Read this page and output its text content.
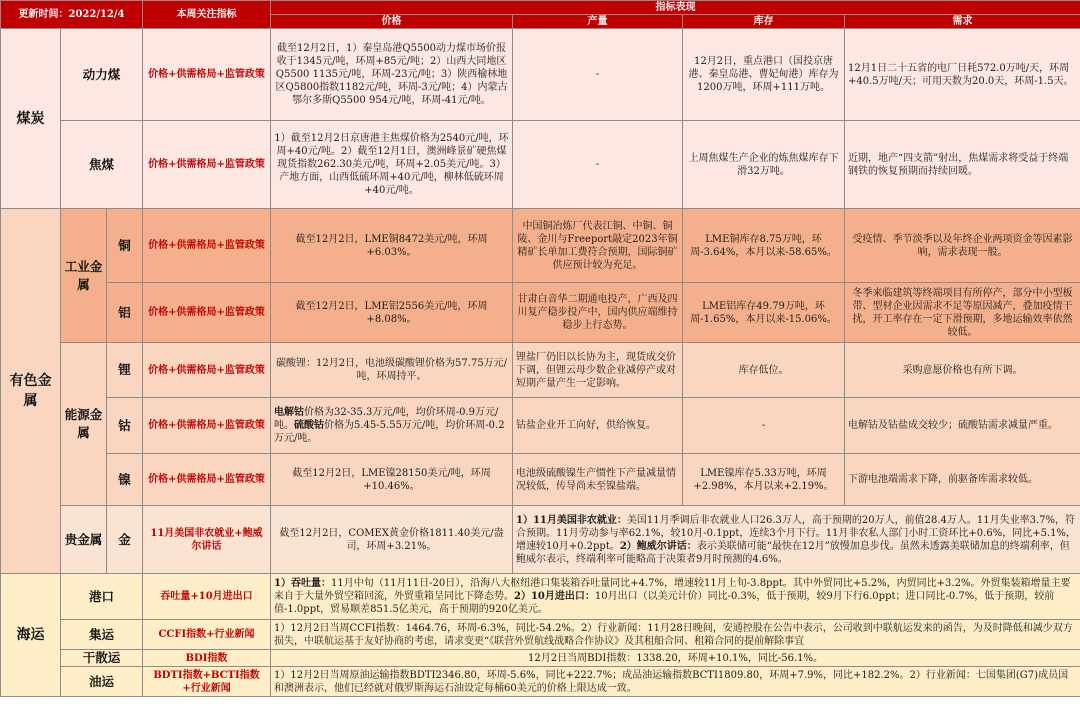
更新时间：2022/12/4			本周关注指标	指标表现			
				价格	产量	库存	需求
煤炭	动力煤		价格+供需格局+监管政策	截至12月2日，1）秦皇岛港Q5500动力煤市场价报收于1345元/吨，环周+85元/吨；2）山西大同地区Q5500 1135元/吨，环周-23元/吨；3）陕西榆林地区Q5800指数1182元/吨，环周-3元/吨；4）内蒙古鄂尔多斯Q5500 954元/吨，环周-41元/吨。	-	12月2日，重点港口（国投京唐港、秦皇岛港、曹妃甸港）库存为1200万吨，环周+111万吨。	12月1日二十五省的电厂日耗572.0万吨/天，环周+40.5万吨/天；可用天数为20.0天，环周-1.5天。
	焦煤		价格+供需格局+监管政策	1）截至12月2日京唐港主焦煤价格为2540元/吨，环周+40元/吨。2）截至12月1日，澳洲峰景矿硬焦煤现货指数262.30美元/吨，环周+2.05美元/吨。3）产地方面，山西低硫环周+40元/吨，柳林低硫环周+40元/吨。	-	上周焦煤生产企业的炼焦煤库存下滑32万吨。	近期，地产“四支箭”射出，焦煤需求将受益于终端钢铁的恢复预期而持续回暖。
有色金属	工业金属	铜	价格+供需格局+监管政策	截至12月2日，LME铜8472美元/吨，环周+6.03%。	中国铜冶炼厂代表江铜、中铜、铜陵、金川与Freeport敲定2023年铜精矿长单加工费符合预期，国际铜矿供应预计较为充足。	LME铜库存8.75万吨，环周-3.64%，本月以来-58.65%。	受疫情、季节淡季以及年终企业两项资金等因素影响，需求表现一般。
		铝	价格+供需格局+监管政策	截至12月2日，LME铝2556美元/吨，环周+8.08%。	甘肃白音华二期通电投产，广西及四川复产稳步投产中，国内供应端维持稳步上行态势。	LME铝库存49.79万吨，环周-1.65%，本月以来-15.06%。	冬季来临建筑等终端项目有所停产，部分中小型板带、型材企业因需求不足等原因减产，叠加疫情干扰，开工率存在一定下滑预期，多地运输效率依然较低。
	能源金属	锂	价格+供需格局+监管政策	碳酸锂：12月2日，电池级碳酸锂价格为57.75万元/吨，环周持平。	锂盐厂仍旧以长协为主，现货成交价下调，但锂云母少数企业减停产或对短期产量产生一定影响。	库存低位。	采购意愿价格也有所下调。
		钴	价格+供需格局+监管政策	电解钴价格为32-35.3万元/吨，均价环周-0.9万元/吨。硫酸钴价格为5.45-5.55万元/吨，均价环周-0.2万元/吨。	钴盐企业开工向好，供给恢复。	-	电解钴及钴盐成交较少；硫酸钴需求减量严重。
		镍	价格+供需格局+监管政策	截至12月2日，LME镍28150美元/吨，环周+10.46%。	电池级硫酸镍生产惯性下产量减量情况较低，传导尚未至镍盐端。	LME镍库存5.33万吨，环周+2.98%，本月以来+2.19%。	下游电池端需求下降，前驱备库需求较低。
	贵金属	金	11月美国非农就业+鲍威尔讲话	截至12月2日，COMEX黄金价格1811.40美元/盎司，环周+3.21%。	1）11月美国非农就业：美国11月季调后非农就业人口26.3万人，高于预期的20万人，前值28.4万人。11月失业率3.7%，符合预期。11月劳动参与率62.1%，较10月-0.1ppt，连续3个月下行。11月非农私人部门小时工资环比+0.6%，同比+5.1%，增速较10月+0.2ppt。2）鲍威尔讲话：表示美联储可能“最快在12月”放慢加息步伐。虽然未透露美联储加息的终端利率，但鲍威尔表示，终端利率可能略高于决策者9月时预测的4.6%。		
海运	港口		吞吐量+10月进出口	1）吞吐量：11月中旬（11月11日-20日），沿海八大枢纽港口集装箱吞吐量同比+4.7%，增速较11月上旬-3.8ppt。其中外贸同比+5.2%，内贸同比+3.2%。外贸集装箱增量主要来自于大量外贸空箱回流，外贸重箱呈同比下降态势。2）10月进出口：10月出口（以美元计价）同比-0.3%，低于预期，较9月下行6.0ppt；进口同比-0.7%，低于预期，较前值-1.0ppt，贸易顺差851.5亿美元，高于预期的920亿美元。			
	集运		CCFI指数+行业新闻	1）12月2日当周CCFI指数：1464.76，环周-6.3%，同比-54.2%。2）行业新闻：11月28日晚间，安通控股在公告中表示，公司收到中联航运发来的函告，为及时降低和减少双方损失，中联航运基于友好协商的考虑，请求变更“《联营外贸航线战略合作协议》及其租船合同、租箱合同的提前解除事宜			
	干散运		BDI指数	12月2日当周BDI指数：1338.20，环周+10.1%，同比-56.1%。			
	油运		BDTI指数+BCTI指数+行业新闻	1）12月2日当周原油运输指数BDTI2346.80，环周-5.6%，同比+222.7%；成品油运输指数BCTI1809.80，环周+7.9%，同比+182.2%。2）行业新闻：七国集团(G7)成员国和澳洲表示，他们已经就对俄罗斯海运石油设定每桶60美元的价格上限达成一致。			
